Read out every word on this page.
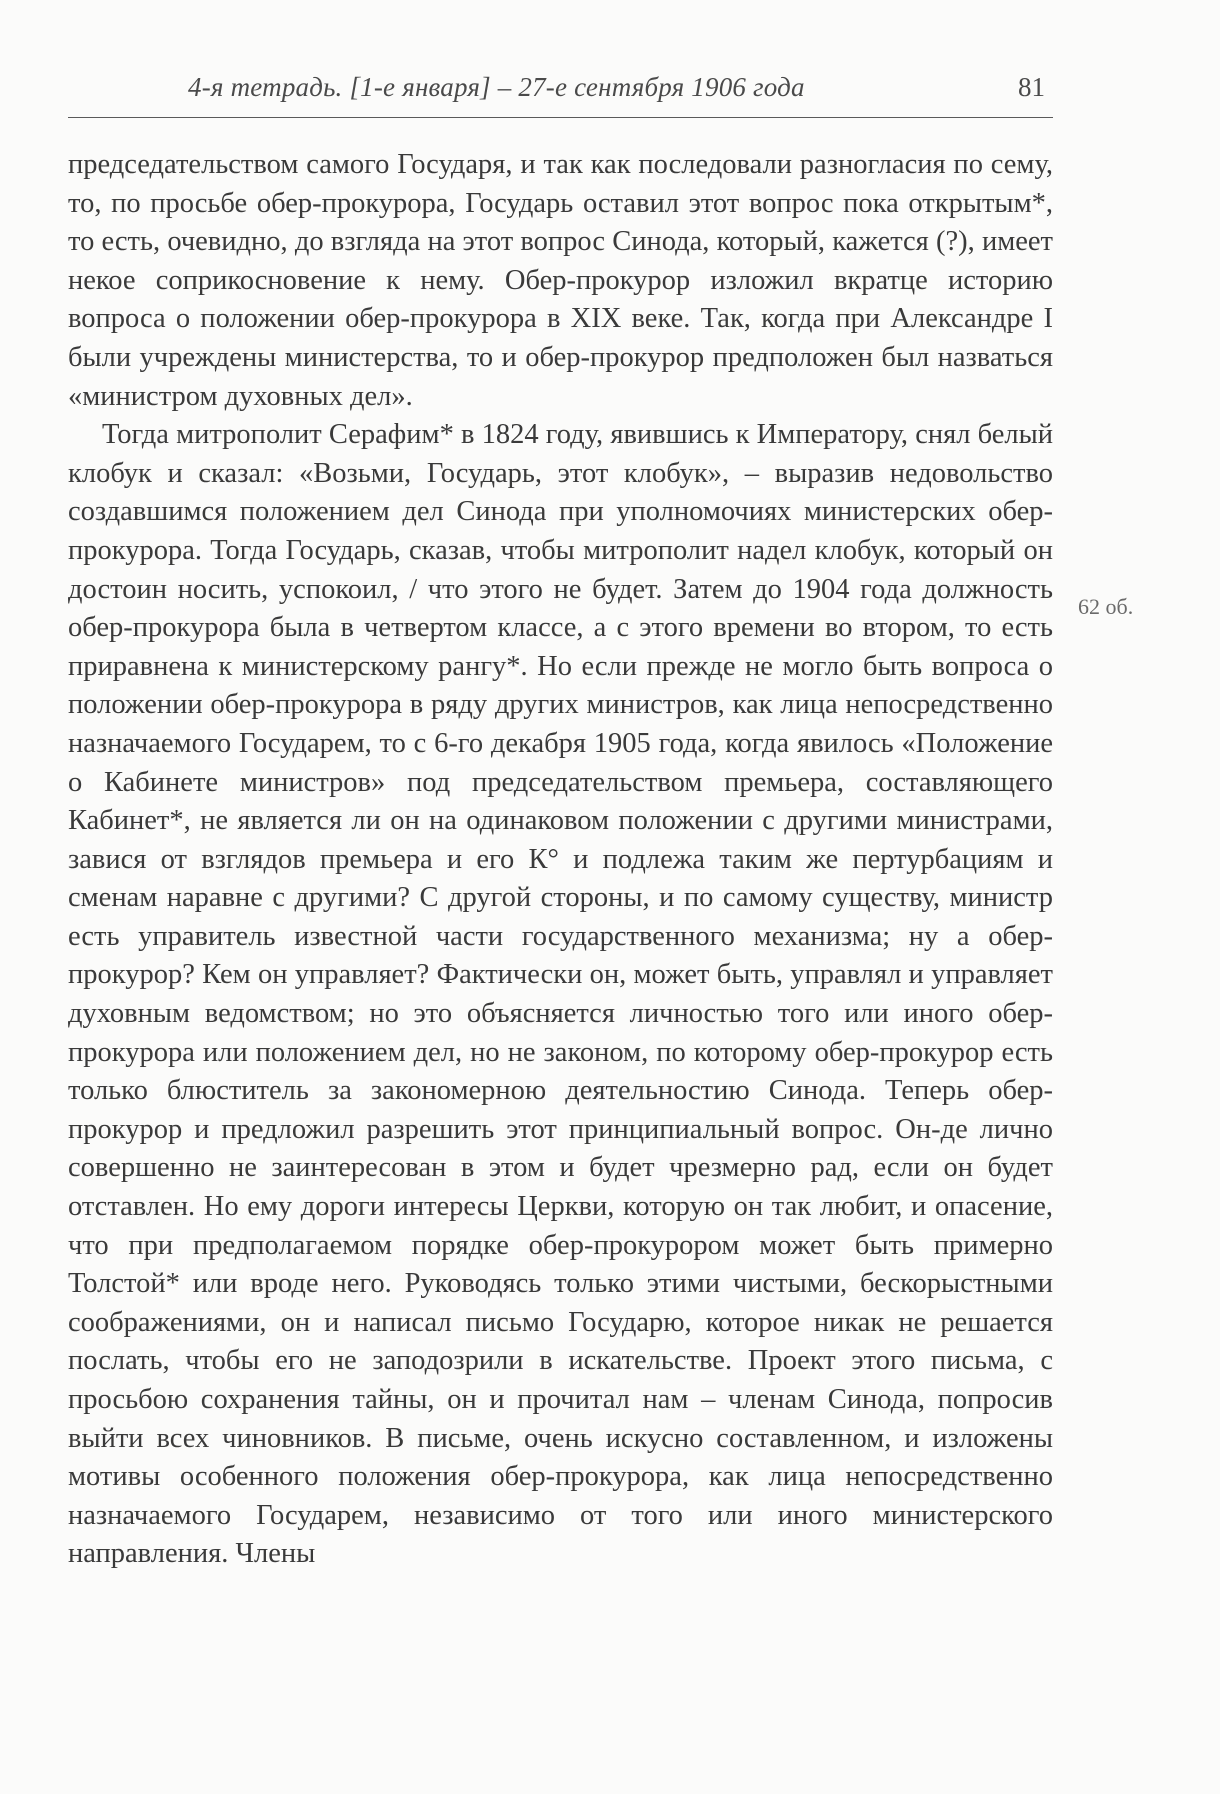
4-я тетрадь. [1-е января] – 27-е сентября 1906 года	81

председательством самого Государя, и так как последовали разногласия по сему, то, по просьбе обер-прокурора, Государь оставил этот вопрос пока открытым*, то есть, очевидно, до взгляда на этот вопрос Синода, который, кажется (?), имеет некое соприкосновение к нему. Обер-прокурор изложил вкратце историю вопроса о положении обер-прокурора в XIX веке. Так, когда при Александре I были учреждены министерства, то и обер-прокурор предположен был назваться «министром духовных дел».

Тогда митрополит Серафим* в 1824 году, явившись к Императору, снял белый клобук и сказал: «Возьми, Государь, этот клобук», – выразив недовольство создавшимся положением дел Синода при уполномочиях министерских обер-прокурора. Тогда Государь, сказав, чтобы митрополит надел клобук, который он достоин носить, успокоил, / что этого не будет. Затем до 1904 года должность обер-прокурора была в четвертом классе, а с этого времени во втором, то есть приравнена к министерскому рангу*. Но если прежде не могло быть вопроса о положении обер-прокурора в ряду других министров, как лица непосредственно назначаемого Государем, то с 6-го декабря 1905 года, когда явилось «Положение о Кабинете министров» под председательством премьера, составляющего Кабинет*, не является ли он на одинаковом положении с другими министрами, завися от взглядов премьера и его К° и подлежа таким же пертурбациям и сменам наравне с другими? С другой стороны, и по самому существу, министр есть управитель известной части государственного механизма; ну а обер-прокурор? Кем он управляет? Фактически он, может быть, управлял и управляет духовным ведомством; но это объясняется личностью того или иного обер-прокурора или положением дел, но не законом, по которому обер-прокурор есть только блюститель за закономерною деятельностию Синода. Теперь обер-прокурор и предложил разрешить этот принципиальный вопрос. Он-де лично совершенно не заинтересован в этом и будет чрезмерно рад, если он будет отставлен. Но ему дороги интересы Церкви, которую он так любит, и опасение, что при предполагаемом порядке обер-прокурором может быть примерно Толстой* или вроде него. Руководясь только этими чистыми, бескорыстными соображениями, он и написал письмо Государю, которое никак не решается послать, чтобы его не заподозрили в искательстве. Проект этого письма, с просьбою сохранения тайны, он и прочитал нам – членам Синода, попросив выйти всех чиновников. В письме, очень искусно составленном, и изложены мотивы особенного положения обер-прокурора, как лица непосредственно назначаемого Государем, независимо от того или иного министерского направления. Члены

62 об.
